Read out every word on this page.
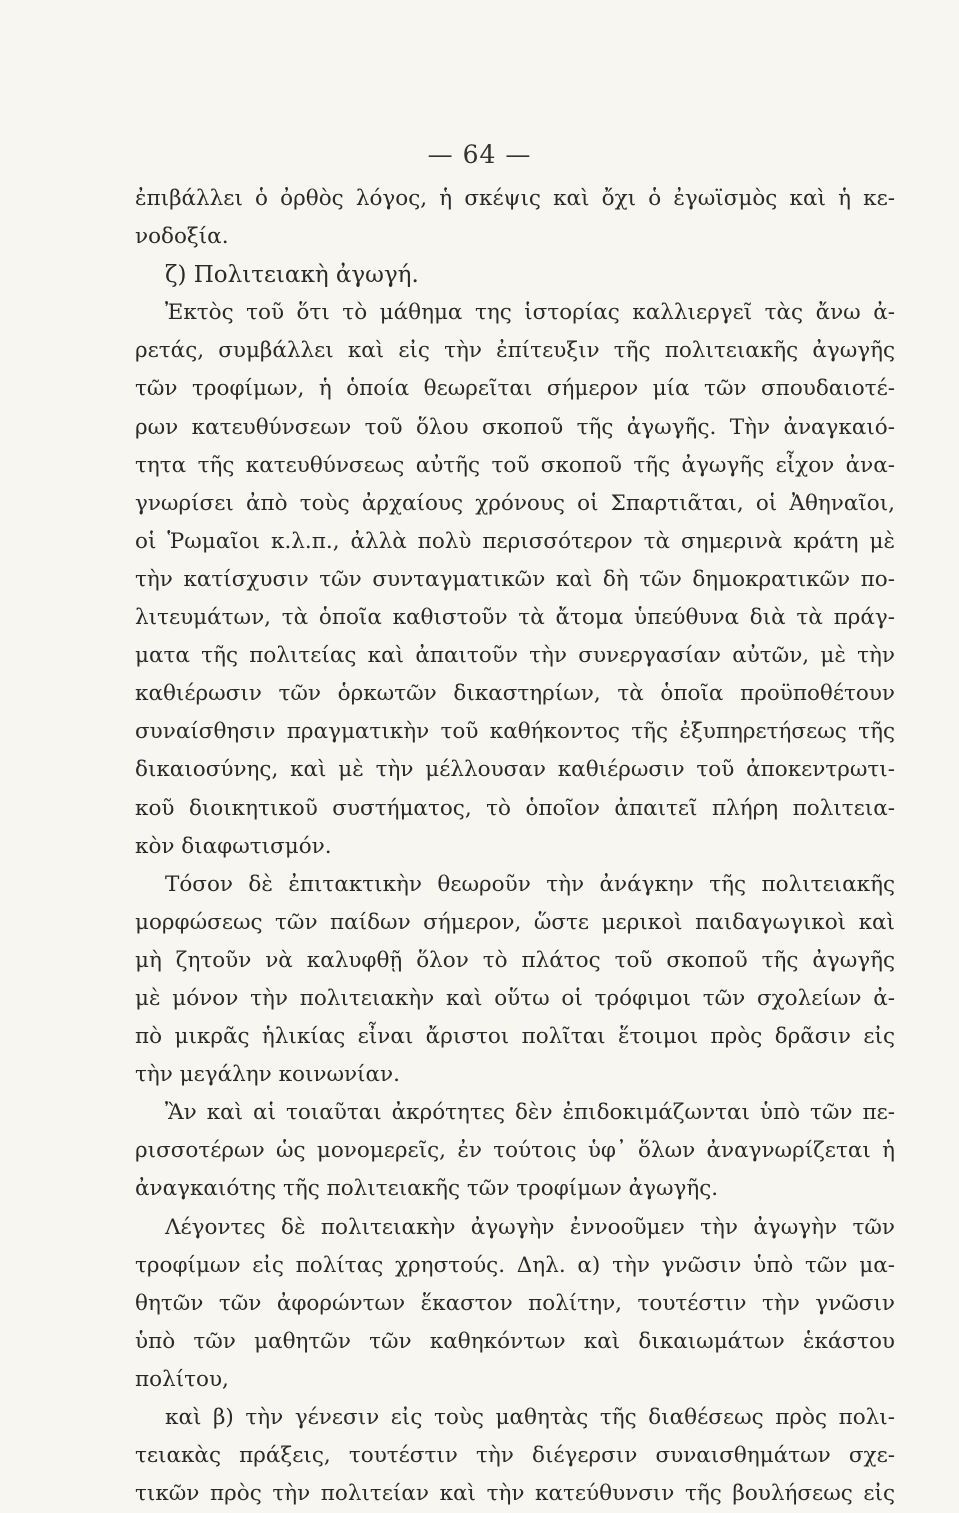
— 64 —
ἐπιβάλλει ὁ ὀρθὸς λόγος, ἡ σκέψις καὶ ὄχι ὁ ἐγωϊσμὸς καὶ ἡ κε-
νοδοξία.
ζ) Πολιτειακὴ ἀγωγή.
Ἐκτὸς τοῦ ὅτι τὸ μάθημα της ἱστορίας καλλιεργεῖ τὰς ἄνω ἀ-
ρετάς, συμβάλλει καὶ εἰς τὴν ἐπίτευξιν τῆς πολιτειακῆς ἀγωγῆς
τῶν τροφίμων, ἡ ὁποία θεωρεῖται σήμερον μία τῶν σπουδαιοτέ-
ρων κατευθύνσεων τοῦ ὅλου σκοποῦ τῆς ἀγωγῆς. Τὴν ἀναγκαιό-
τητα τῆς κατευθύνσεως αὐτῆς τοῦ σκοποῦ τῆς ἀγωγῆς εἶχον ἀνα-
γνωρίσει ἀπὸ τοὺς ἀρχαίους χρόνους οἱ Σπαρτιᾶται, οἱ Ἀθηναῖοι,
οἱ Ῥωμαῖοι κ.λ.π., ἀλλὰ πολὺ περισσότερον τὰ σημερινὰ κράτη μὲ
τὴν κατίσχυσιν τῶν συνταγματικῶν καὶ δὴ τῶν δημοκρατικῶν πο-
λιτευμάτων, τὰ ὁποῖα καθιστοῦν τὰ ἄτομα ὑπεύθυνα διὰ τὰ πράγ-
ματα τῆς πολιτείας καὶ ἀπαιτοῦν τὴν συνεργασίαν αὐτῶν, μὲ τὴν
καθιέρωσιν τῶν ὁρκωτῶν δικαστηρίων, τὰ ὁποῖα προϋποθέτουν
συναίσθησιν πραγματικὴν τοῦ καθήκοντος τῆς ἐξυπηρετήσεως τῆς
δικαιοσύνης, καὶ μὲ τὴν μέλλουσαν καθιέρωσιν τοῦ ἀποκεντρωτι-
κοῦ διοικητικοῦ συστήματος, τὸ ὁποῖον ἀπαιτεῖ πλήρη πολιτεια-
κὸν διαφωτισμόν.
Τόσον δὲ ἐπιτακτικὴν θεωροῦν τὴν ἀνάγκην τῆς πολιτειακῆς
μορφώσεως τῶν παίδων σήμερον, ὥστε μερικοὶ παιδαγωγικοὶ καὶ
μὴ ζητοῦν νὰ καλυφθῇ ὅλον τὸ πλάτος τοῦ σκοποῦ τῆς ἀγωγῆς
μὲ μόνον τὴν πολιτειακὴν καὶ οὕτω οἱ τρόφιμοι τῶν σχολείων ἀ-
πὸ μικρᾶς ἡλικίας εἶναι ἄριστοι πολῖται ἕτοιμοι πρὸς δρᾶσιν εἰς
τὴν μεγάλην κοινωνίαν.
Ἂν καὶ αἱ τοιαῦται ἀκρότητες δὲν ἐπιδοκιμάζωνται ὑπὸ τῶν πε-
ρισσοτέρων ὡς μονομερεῖς, ἐν τούτοις ὑφ᾽ ὅλων ἀναγνωρίζεται ἡ
ἀναγκαιότης τῆς πολιτειακῆς τῶν τροφίμων ἀγωγῆς.
Λέγοντες δὲ πολιτειακὴν ἀγωγὴν ἐννοοῦμεν τὴν ἀγωγὴν τῶν
τροφίμων εἰς πολίτας χρηστούς. Δηλ. α) τὴν γνῶσιν ὑπὸ τῶν μα-
θητῶν τῶν ἀφορώντων ἕκαστον πολίτην, τουτέστιν τὴν γνῶσιν
ὑπὸ τῶν μαθητῶν τῶν καθηκόντων καὶ δικαιωμάτων ἑκάστου
πολίτου,
καὶ β) τὴν γένεσιν εἰς τοὺς μαθητὰς τῆς διαθέσεως πρὸς πολι-
τειακὰς πράξεις, τουτέστιν τὴν διέγερσιν συναισθημάτων σχε-
τικῶν πρὸς τὴν πολιτείαν καὶ τὴν κατεύθυνσιν τῆς βουλήσεως εἰς
